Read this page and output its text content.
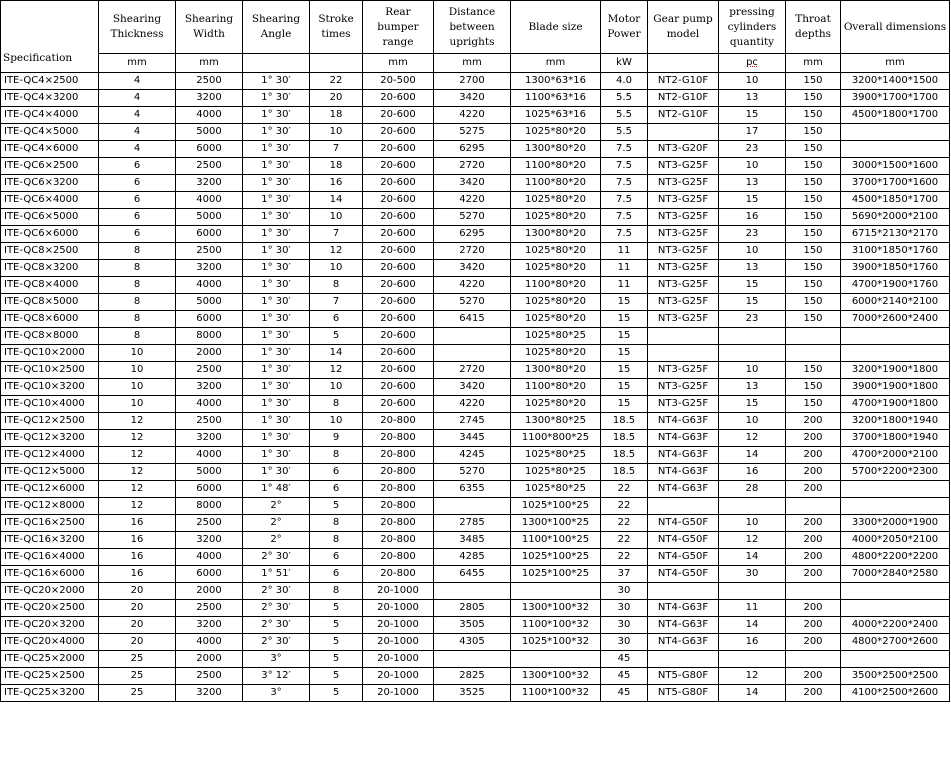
Specification	Shearing Thickness	Shearing Width	Shearing Angle	Stroke times	Rear bumper range	Distance between uprights	Blade size	Motor Power	Gear pump model	pressing cylinders quantity	Throat depths	Overall dimensions
	mm	mm			mm	mm	mm	kW		pc	mm	mm
ITE-QC4×2500	4	2500	1° 30′	22	20-500	2700	1300*63*16	4.0	NT2-G10F	10	150	3200*1400*1500
ITE-QC4×3200	4	3200	1° 30′	20	20-600	3420	1100*63*16	5.5	NT2-G10F	13	150	3900*1700*1700
ITE-QC4×4000	4	4000	1° 30′	18	20-600	4220	1025*63*16	5.5	NT2-G10F	15	150	4500*1800*1700
ITE-QC4×5000	4	5000	1° 30′	10	20-600	5275	1025*80*20	5.5		17	150	
ITE-QC4×6000	4	6000	1° 30′	7	20-600	6295	1300*80*20	7.5	NT3-G20F	23	150	
ITE-QC6×2500	6	2500	1° 30′	18	20-600	2720	1100*80*20	7.5	NT3-G25F	10	150	3000*1500*1600
ITE-QC6×3200	6	3200	1° 30′	16	20-600	3420	1100*80*20	7.5	NT3-G25F	13	150	3700*1700*1600
ITE-QC6×4000	6	4000	1° 30′	14	20-600	4220	1025*80*20	7.5	NT3-G25F	15	150	4500*1850*1700
ITE-QC6×5000	6	5000	1° 30′	10	20-600	5270	1025*80*20	7.5	NT3-G25F	16	150	5690*2000*2100
ITE-QC6×6000	6	6000	1° 30′	7	20-600	6295	1300*80*20	7.5	NT3-G25F	23	150	6715*2130*2170
ITE-QC8×2500	8	2500	1° 30′	12	20-600	2720	1025*80*20	11	NT3-G25F	10	150	3100*1850*1760
ITE-QC8×3200	8	3200	1° 30′	10	20-600	3420	1025*80*20	11	NT3-G25F	13	150	3900*1850*1760
ITE-QC8×4000	8	4000	1° 30′	8	20-600	4220	1100*80*20	11	NT3-G25F	15	150	4700*1900*1760
ITE-QC8×5000	8	5000	1° 30′	7	20-600	5270	1025*80*20	15	NT3-G25F	15	150	6000*2140*2100
ITE-QC8×6000	8	6000	1° 30′	6	20-600	6415	1025*80*20	15	NT3-G25F	23	150	7000*2600*2400
ITE-QC8×8000	8	8000	1° 30′	5	20-600		1025*80*25	15				
ITE-QC10×2000	10	2000	1° 30′	14	20-600		1025*80*20	15				
ITE-QC10×2500	10	2500	1° 30′	12	20-600	2720	1300*80*20	15	NT3-G25F	10	150	3200*1900*1800
ITE-QC10×3200	10	3200	1° 30′	10	20-600	3420	1100*80*20	15	NT3-G25F	13	150	3900*1900*1800
ITE-QC10×4000	10	4000	1° 30′	8	20-600	4220	1025*80*20	15	NT3-G25F	15	150	4700*1900*1800
ITE-QC12×2500	12	2500	1° 30′	10	20-800	2745	1300*80*25	18.5	NT4-G63F	10	200	3200*1800*1940
ITE-QC12×3200	12	3200	1° 30′	9	20-800	3445	1100*800*25	18.5	NT4-G63F	12	200	3700*1800*1940
ITE-QC12×4000	12	4000	1° 30′	8	20-800	4245	1025*80*25	18.5	NT4-G63F	14	200	4700*2000*2100
ITE-QC12×5000	12	5000	1° 30′	6	20-800	5270	1025*80*25	18.5	NT4-G63F	16	200	5700*2200*2300
ITE-QC12×6000	12	6000	1° 48′	6	20-800	6355	1025*80*25	22	NT4-G63F	28	200	
ITE-QC12×8000	12	8000	2°	5	20-800		1025*100*25	22				
ITE-QC16×2500	16	2500	2°	8	20-800	2785	1300*100*25	22	NT4-G50F	10	200	3300*2000*1900
ITE-QC16×3200	16	3200	2°	8	20-800	3485	1100*100*25	22	NT4-G50F	12	200	4000*2050*2100
ITE-QC16×4000	16	4000	2° 30′	6	20-800	4285	1025*100*25	22	NT4-G50F	14	200	4800*2200*2200
ITE-QC16×6000	16	6000	1° 51′	6	20-800	6455	1025*100*25	37	NT4-G50F	30	200	7000*2840*2580
ITE-QC20×2000	20	2000	2° 30′	8	20-1000			30				
ITE-QC20×2500	20	2500	2° 30′	5	20-1000	2805	1300*100*32	30	NT4-G63F	11	200	
ITE-QC20×3200	20	3200	2° 30′	5	20-1000	3505	1100*100*32	30	NT4-G63F	14	200	4000*2200*2400
ITE-QC20×4000	20	4000	2° 30′	5	20-1000	4305	1025*100*32	30	NT4-G63F	16	200	4800*2700*2600
ITE-QC25×2000	25	2000	3°	5	20-1000			45				
ITE-QC25×2500	25	2500	3° 12′	5	20-1000	2825	1300*100*32	45	NT5-G80F	12	200	3500*2500*2500
ITE-QC25×3200	25	3200	3°	5	20-1000	3525	1100*100*32	45	NT5-G80F	14	200	4100*2500*2600
